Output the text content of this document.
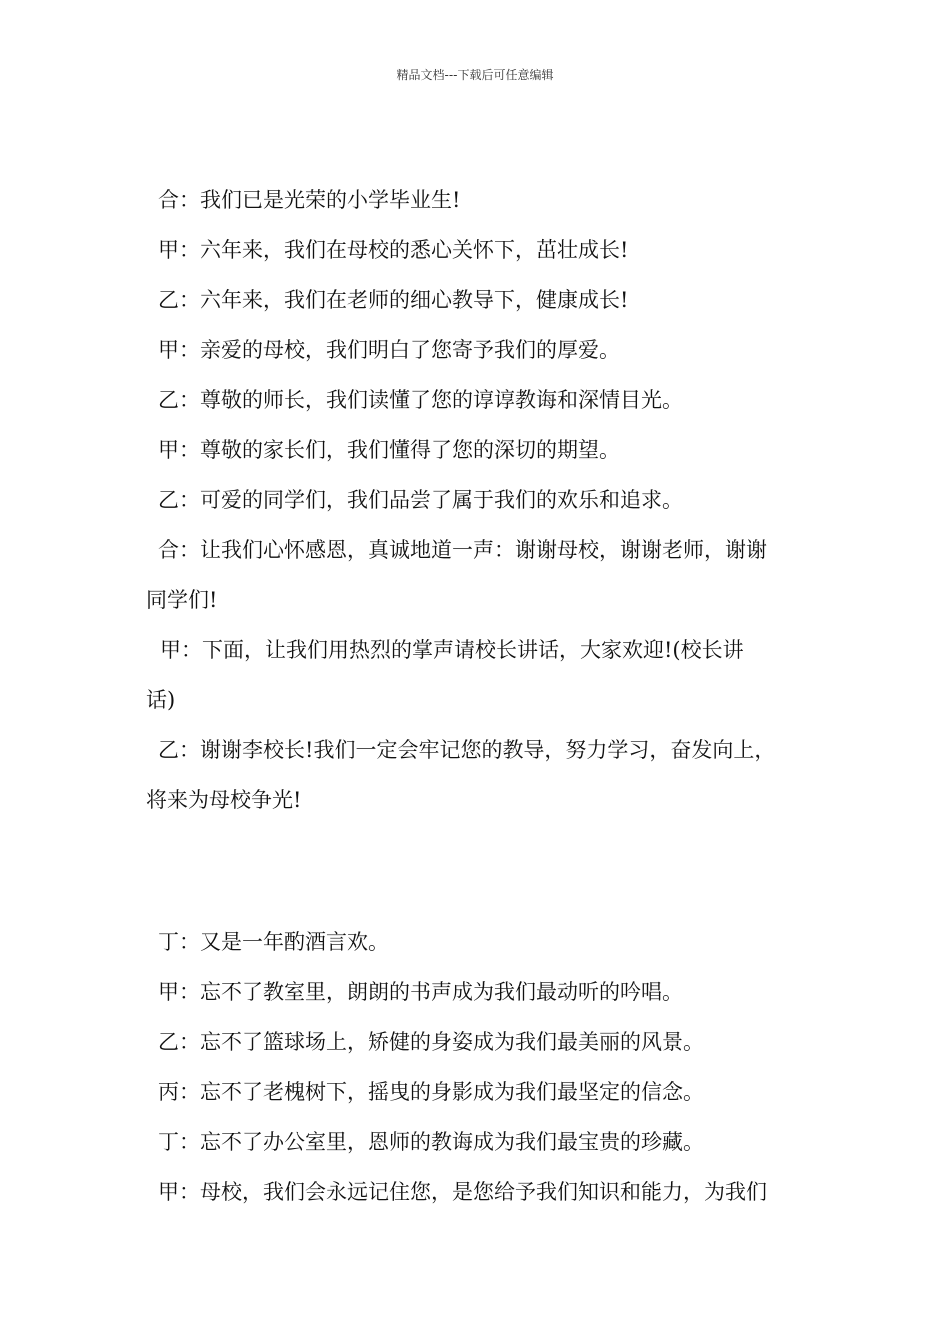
精品文档---下载后可任意编辑
合：我们已是光荣的小学毕业生!
甲：六年来，我们在母校的悉心关怀下，茁壮成长!
乙：六年来，我们在老师的细心教导下，健康成长!
甲：亲爱的母校，我们明白了您寄予我们的厚爱。
乙：尊敬的师长，我们读懂了您的谆谆教诲和深情目光。
甲：尊敬的家长们，我们懂得了您的深切的期望。
乙：可爱的同学们，我们品尝了属于我们的欢乐和追求。
合：让我们心怀感恩，真诚地道一声：谢谢母校，谢谢老师，谢谢
同学们!
甲：下面，让我们用热烈的掌声请校长讲话，大家欢迎!(校长讲
话)
乙：谢谢李校长!我们一定会牢记您的教导，努力学习，奋发向上，
将来为母校争光!
丁：又是一年酌酒言欢。
甲：忘不了教室里，朗朗的书声成为我们最动听的吟唱。
乙：忘不了篮球场上，矫健的身姿成为我们最美丽的风景。
丙：忘不了老槐树下，摇曳的身影成为我们最坚定的信念。
丁：忘不了办公室里，恩师的教诲成为我们最宝贵的珍藏。
甲：母校，我们会永远记住您，是您给予我们知识和能力，为我们
